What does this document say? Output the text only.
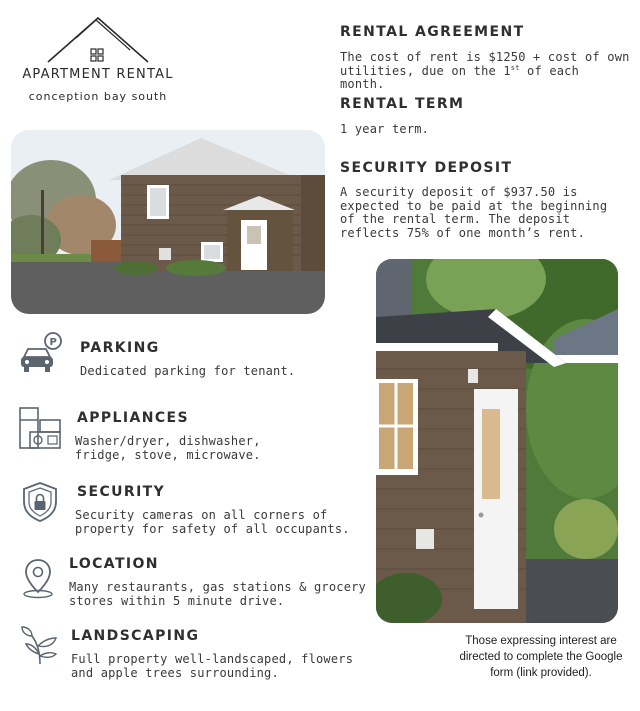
APARTMENT RENTAL
conception bay south
RENTAL AGREEMENT
The cost of rent is $1250 + cost of own utilities, due on the 1st of each month.
RENTAL TERM
1 year term.
SECURITY DEPOSIT
A security deposit of $937.50 is expected to be paid at the beginning of the rental term. The deposit reflects 75% of one month’s rent.
P PARKING
Dedicated parking for tenant.
APPLIANCES
Washer/dryer, dishwasher, fridge, stove, microwave.
SECURITY
Security cameras on all corners of property for safety of all occupants.
LOCATION
Many restaurants, gas stations & grocery stores within 5 minute drive.
LANDSCAPING
Full property well-landscaped, flowers and apple trees surrounding.
Those expressing interest are directed to complete the Google form (link provided).
